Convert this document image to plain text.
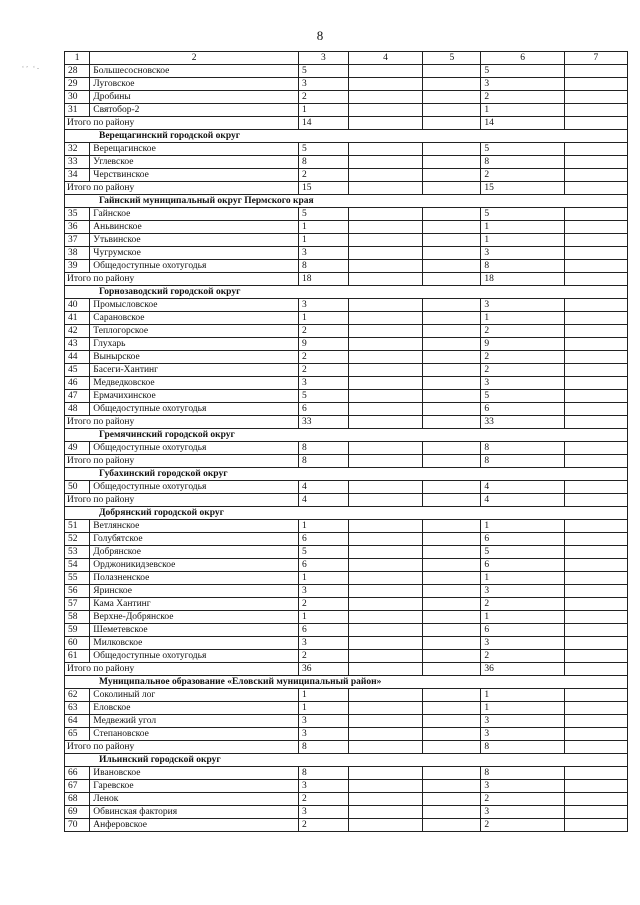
8
‘’ ‘-
1	2	3	4	5	6	7
28	Большесосновское	5			5	
29	Луговское	3			3	
30	Дробины	2			2	
31	Святобор-2	1			1	
Итого по району		14			14	
Верещагинский городской округ						
32	Верещагинское	5			5	
33	Углевское	8			8	
34	Черствинское	2			2	
Итого по району		15			15	
Гайнский муниципальный округ Пермского края						
35	Гайнское	5			5	
36	Аньвинское	1			1	
37	Утьвинское	1			1	
38	Чугрумское	3			3	
39	Общедоступные охотугодья	8			8	
Итого по району		18			18	
Горнозаводский городской округ						
40	Промысловское	3			3	
41	Сарановское	1			1	
42	Теплогорское	2			2	
43	Глухарь	9			9	
44	Вынырское	2			2	
45	Басеги-Хантинг	2			2	
46	Медведковское	3			3	
47	Ермачихинское	5			5	
48	Общедоступные охотугодья	6			6	
Итого по району		33			33	
Гремячинский городской округ						
49	Общедоступные охотугодья	8			8	
Итого по району		8			8	
Губахинский городской округ						
50	Общедоступные охотугодья	4			4	
Итого по району		4			4	
Добрянский городской округ						
51	Ветлянское	1			1	
52	Голубятское	6			6	
53	Добрянское	5			5	
54	Орджоникидзевское	6			6	
55	Полазненское	1			1	
56	Яринское	3			3	
57	Кама Хантинг	2			2	
58	Верхне-Добрянское	1			1	
59	Шеметевское	6			6	
60	Милковское	3			3	
61	Общедоступные охотугодья	2			2	
Итого по району		36			36	
Муниципальное образование «Еловский муниципальный район»						
62	Соколиный лог	1			1	
63	Еловское	1			1	
64	Медвежий угол	3			3	
65	Степановское	3			3	
Итого по району		8			8	
Ильинский городской округ						
66	Ивановское	8			8	
67	Гаревское	3			3	
68	Ленок	2			2	
69	Обвинская фактория	3			3	
70	Анферовское	2			2	
